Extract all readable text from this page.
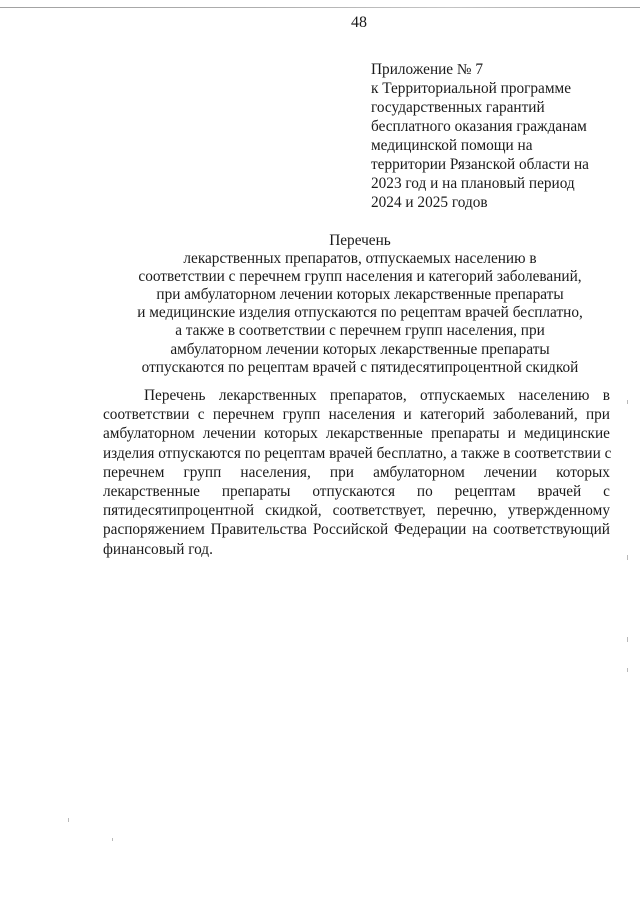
48
Приложение № 7
к Территориальной программе
государственных гарантий
бесплатного оказания гражданам
медицинской помощи на
территории Рязанской области на
2023 год и на плановый период
2024 и 2025 годов
Перечень
лекарственных препаратов, отпускаемых населению в
соответствии с перечнем групп населения и категорий заболеваний,
при амбулаторном лечении которых лекарственные препараты
и медицинские изделия отпускаются по рецептам врачей бесплатно,
а также в соответствии с перечнем групп населения, при
амбулаторном лечении которых лекарственные препараты
отпускаются по рецептам врачей с пятидесятипроцентной скидкой
Перечень лекарственных препаратов, отпускаемых населению в
соответствии с перечнем групп населения и категорий заболеваний, при
амбулаторном лечении которых лекарственные препараты и медицинские
изделия отпускаются по рецептам врачей бесплатно, а также в соответствии с
перечнем групп населения, при амбулаторном лечении которых
лекарственные препараты отпускаются по рецептам врачей с
пятидесятипроцентной скидкой, соответствует, перечню, утвержденному
распоряжением Правительства Российской Федерации на соответствующий
финансовый год.
